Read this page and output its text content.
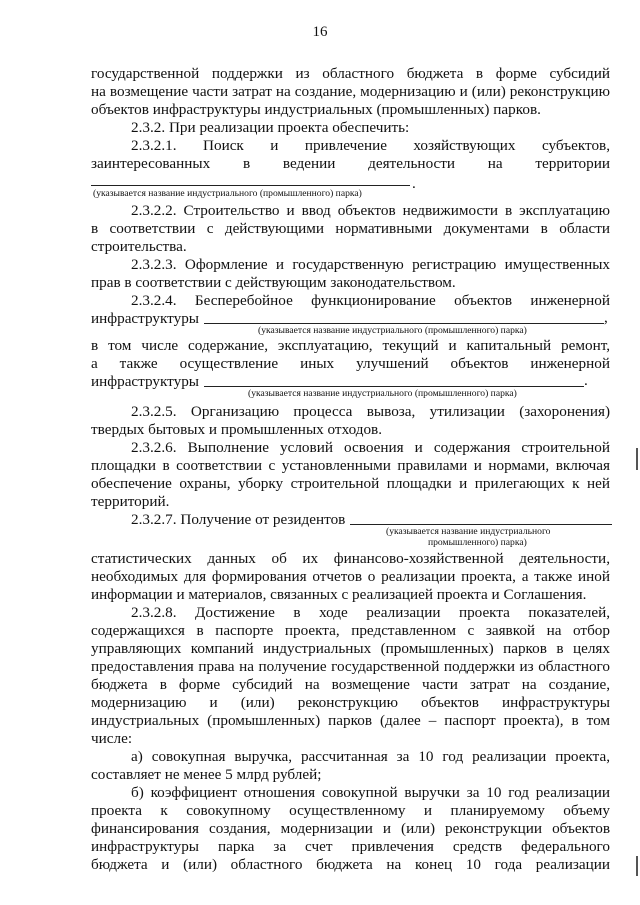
16
государственной поддержки из областного бюджета в форме субсидий
на возмещение части затрат на создание, модернизацию и (или) реконструкцию
объектов инфраструктуры индустриальных (промышленных) парков.
2.3.2. При реализации проекта обеспечить:
2.3.2.1. Поиск и привлечение хозяйствующих субъектов,
заинтересованных в ведении деятельности на территории
.
(указывается название индустриального (промышленного) парка)
2.3.2.2. Строительство и ввод объектов недвижимости в эксплуатацию
в соответствии с действующими нормативными документами в области
строительства.
2.3.2.3. Оформление и государственную регистрацию имущественных
прав в соответствии с действующим законодательством.
2.3.2.4. Бесперебойное функционирование объектов инженерной
инфраструктуры	,
(указывается название индустриального (промышленного) парка)
в том числе содержание, эксплуатацию, текущий и капитальный ремонт,
а также осуществление иных улучшений объектов инженерной
инфраструктуры	.
(указывается название индустриального (промышленного) парка)
2.3.2.5. Организацию процесса вывоза, утилизации (захоронения)
твердых бытовых и промышленных отходов.
2.3.2.6. Выполнение условий освоения и содержания строительной
площадки в соответствии с установленными правилами и нормами, включая
обеспечение охраны, уборку строительной площадки и прилегающих к ней
территорий.
2.3.2.7. Получение от резидентов
(указывается название индустриального
промышленного) парка)
статистических данных об их финансово-хозяйственной деятельности,
необходимых для формирования отчетов о реализации проекта, а также иной
информации и материалов, связанных с реализацией проекта и Соглашения.
2.3.2.8. Достижение в ходе реализации проекта показателей,
содержащихся в паспорте проекта, представленном с заявкой на отбор
управляющих компаний индустриальных (промышленных) парков в целях
предоставления права на получение государственной поддержки из областного
бюджета в форме субсидий на возмещение части затрат на создание,
модернизацию и (или) реконструкцию объектов инфраструктуры
индустриальных (промышленных) парков (далее – паспорт проекта), в том
числе:
а) совокупная выручка, рассчитанная за 10 год реализации проекта,
составляет не менее 5 млрд рублей;
б) коэффициент отношения совокупной выручки за 10 год реализации
проекта к совокупному осуществленному и планируемому объему
финансирования создания, модернизации и (или) реконструкции объектов
инфраструктуры парка за счет привлечения средств федерального
бюджета и (или) областного бюджета на конец 10 года реализации
